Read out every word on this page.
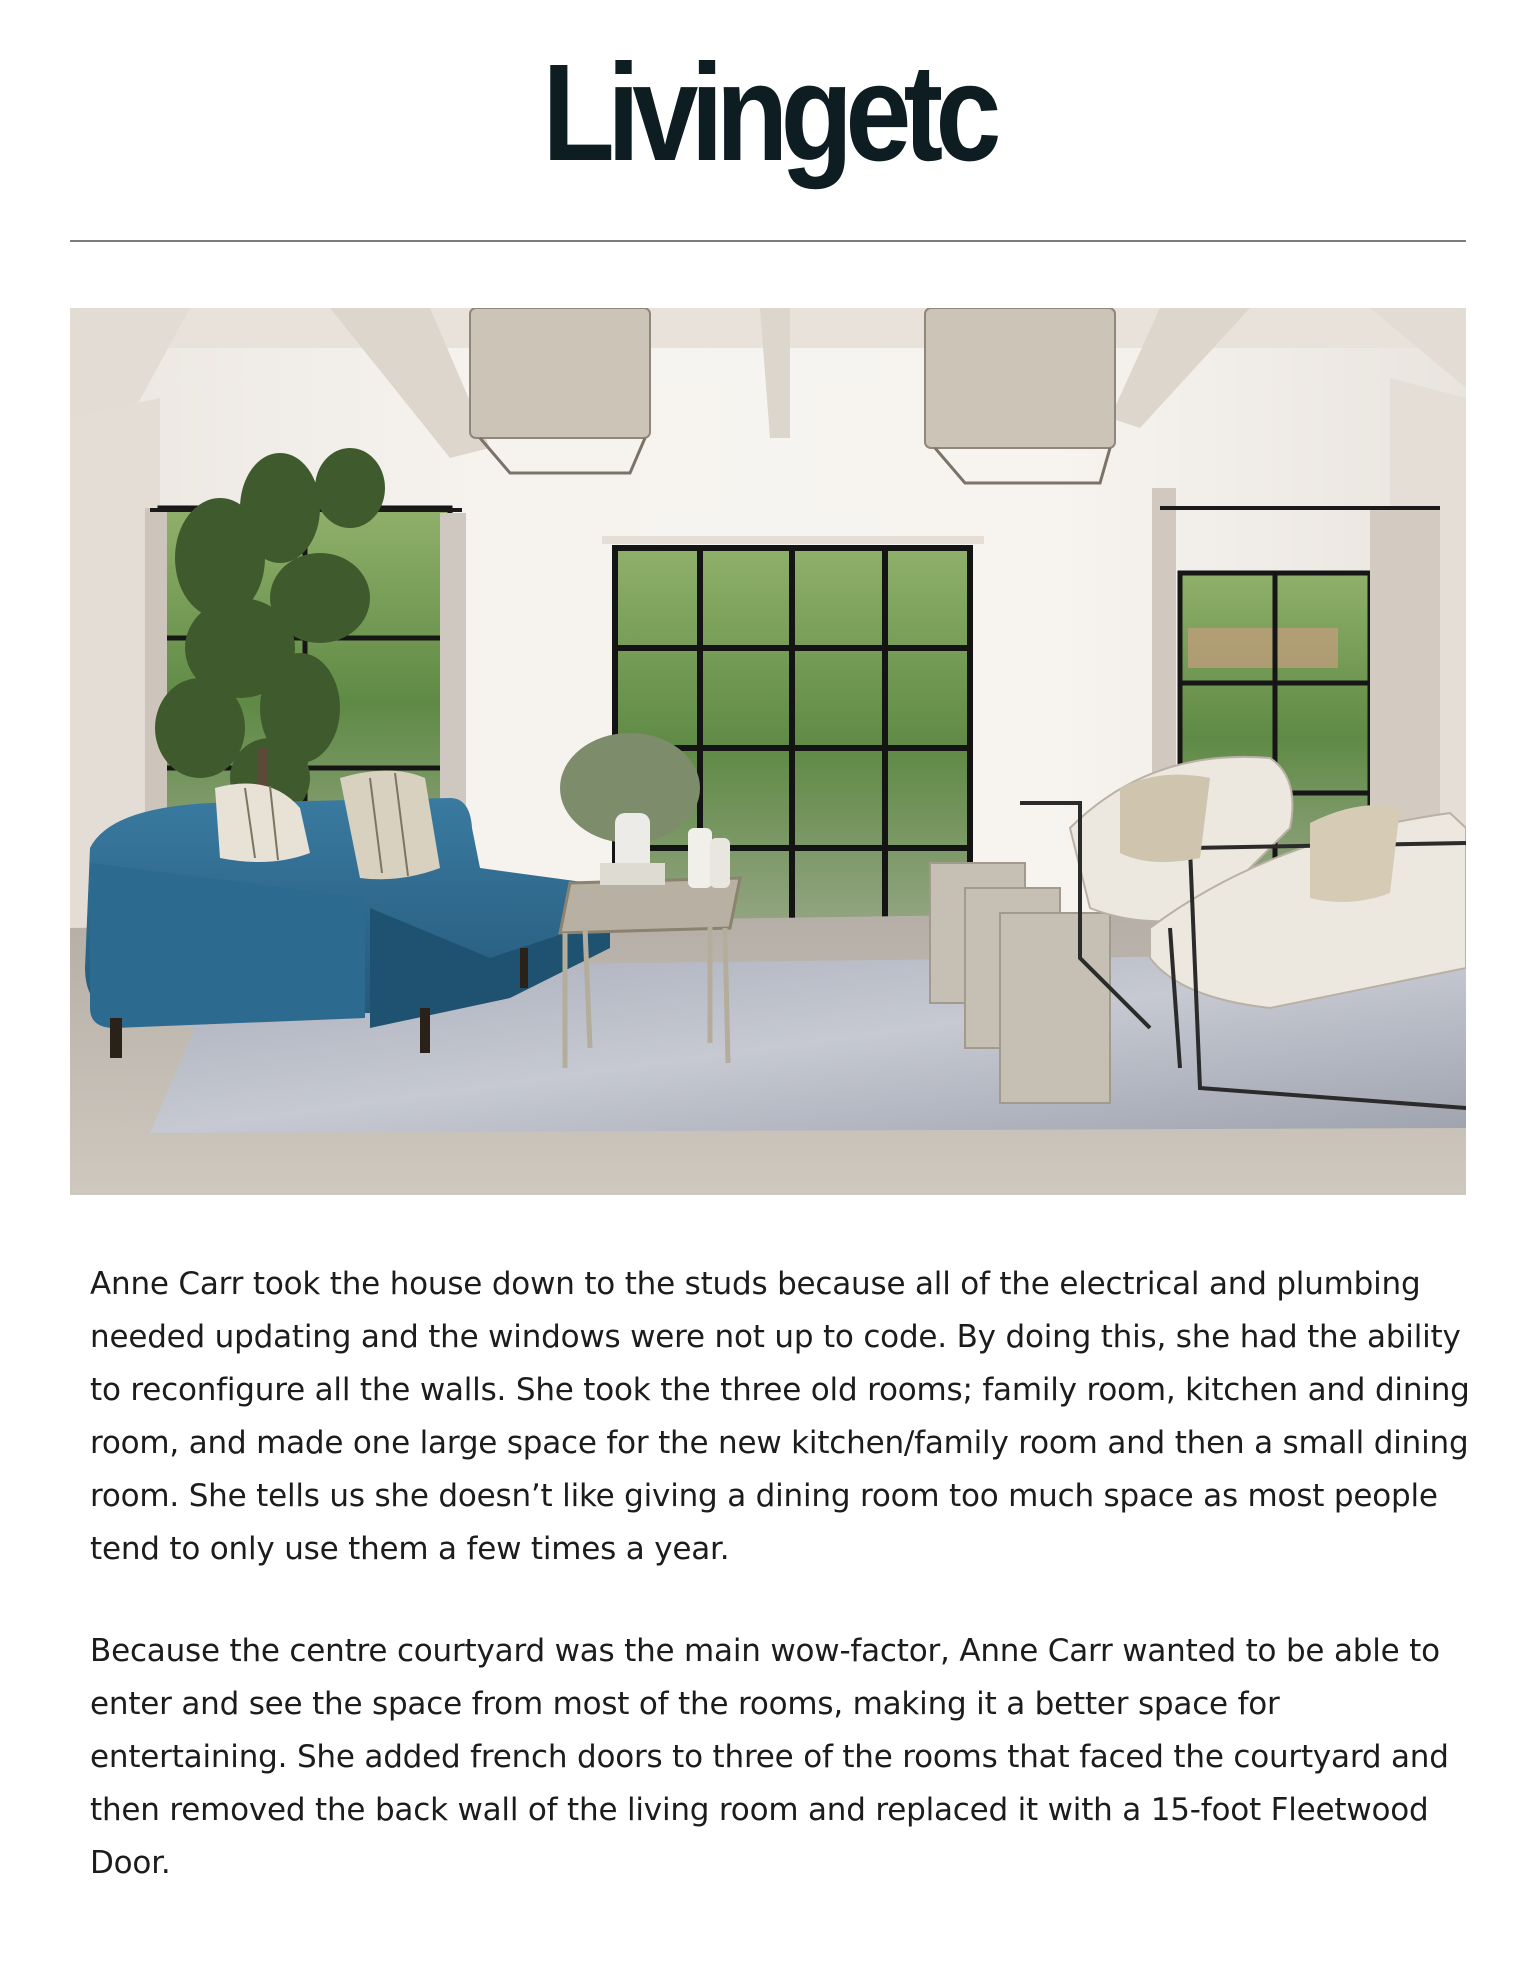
Livingetc

Anne Carr took the house down to the studs because all of the electrical and plumbing needed updating and the windows were not up to code. By doing this, she had the ability to reconfigure all the walls. She took the three old rooms; family room, kitchen and dining room, and made one large space for the new kitchen/family room and then a small dining room. She tells us she doesn’t like giving a dining room too much space as most people tend to only use them a few times a year.

Because the centre courtyard was the main wow-factor, Anne Carr wanted to be able to enter and see the space from most of the rooms, making it a better space for entertaining. She added french doors to three of the rooms that faced the courtyard and then removed the back wall of the living room and replaced it with a 15-foot Fleetwood Door.
